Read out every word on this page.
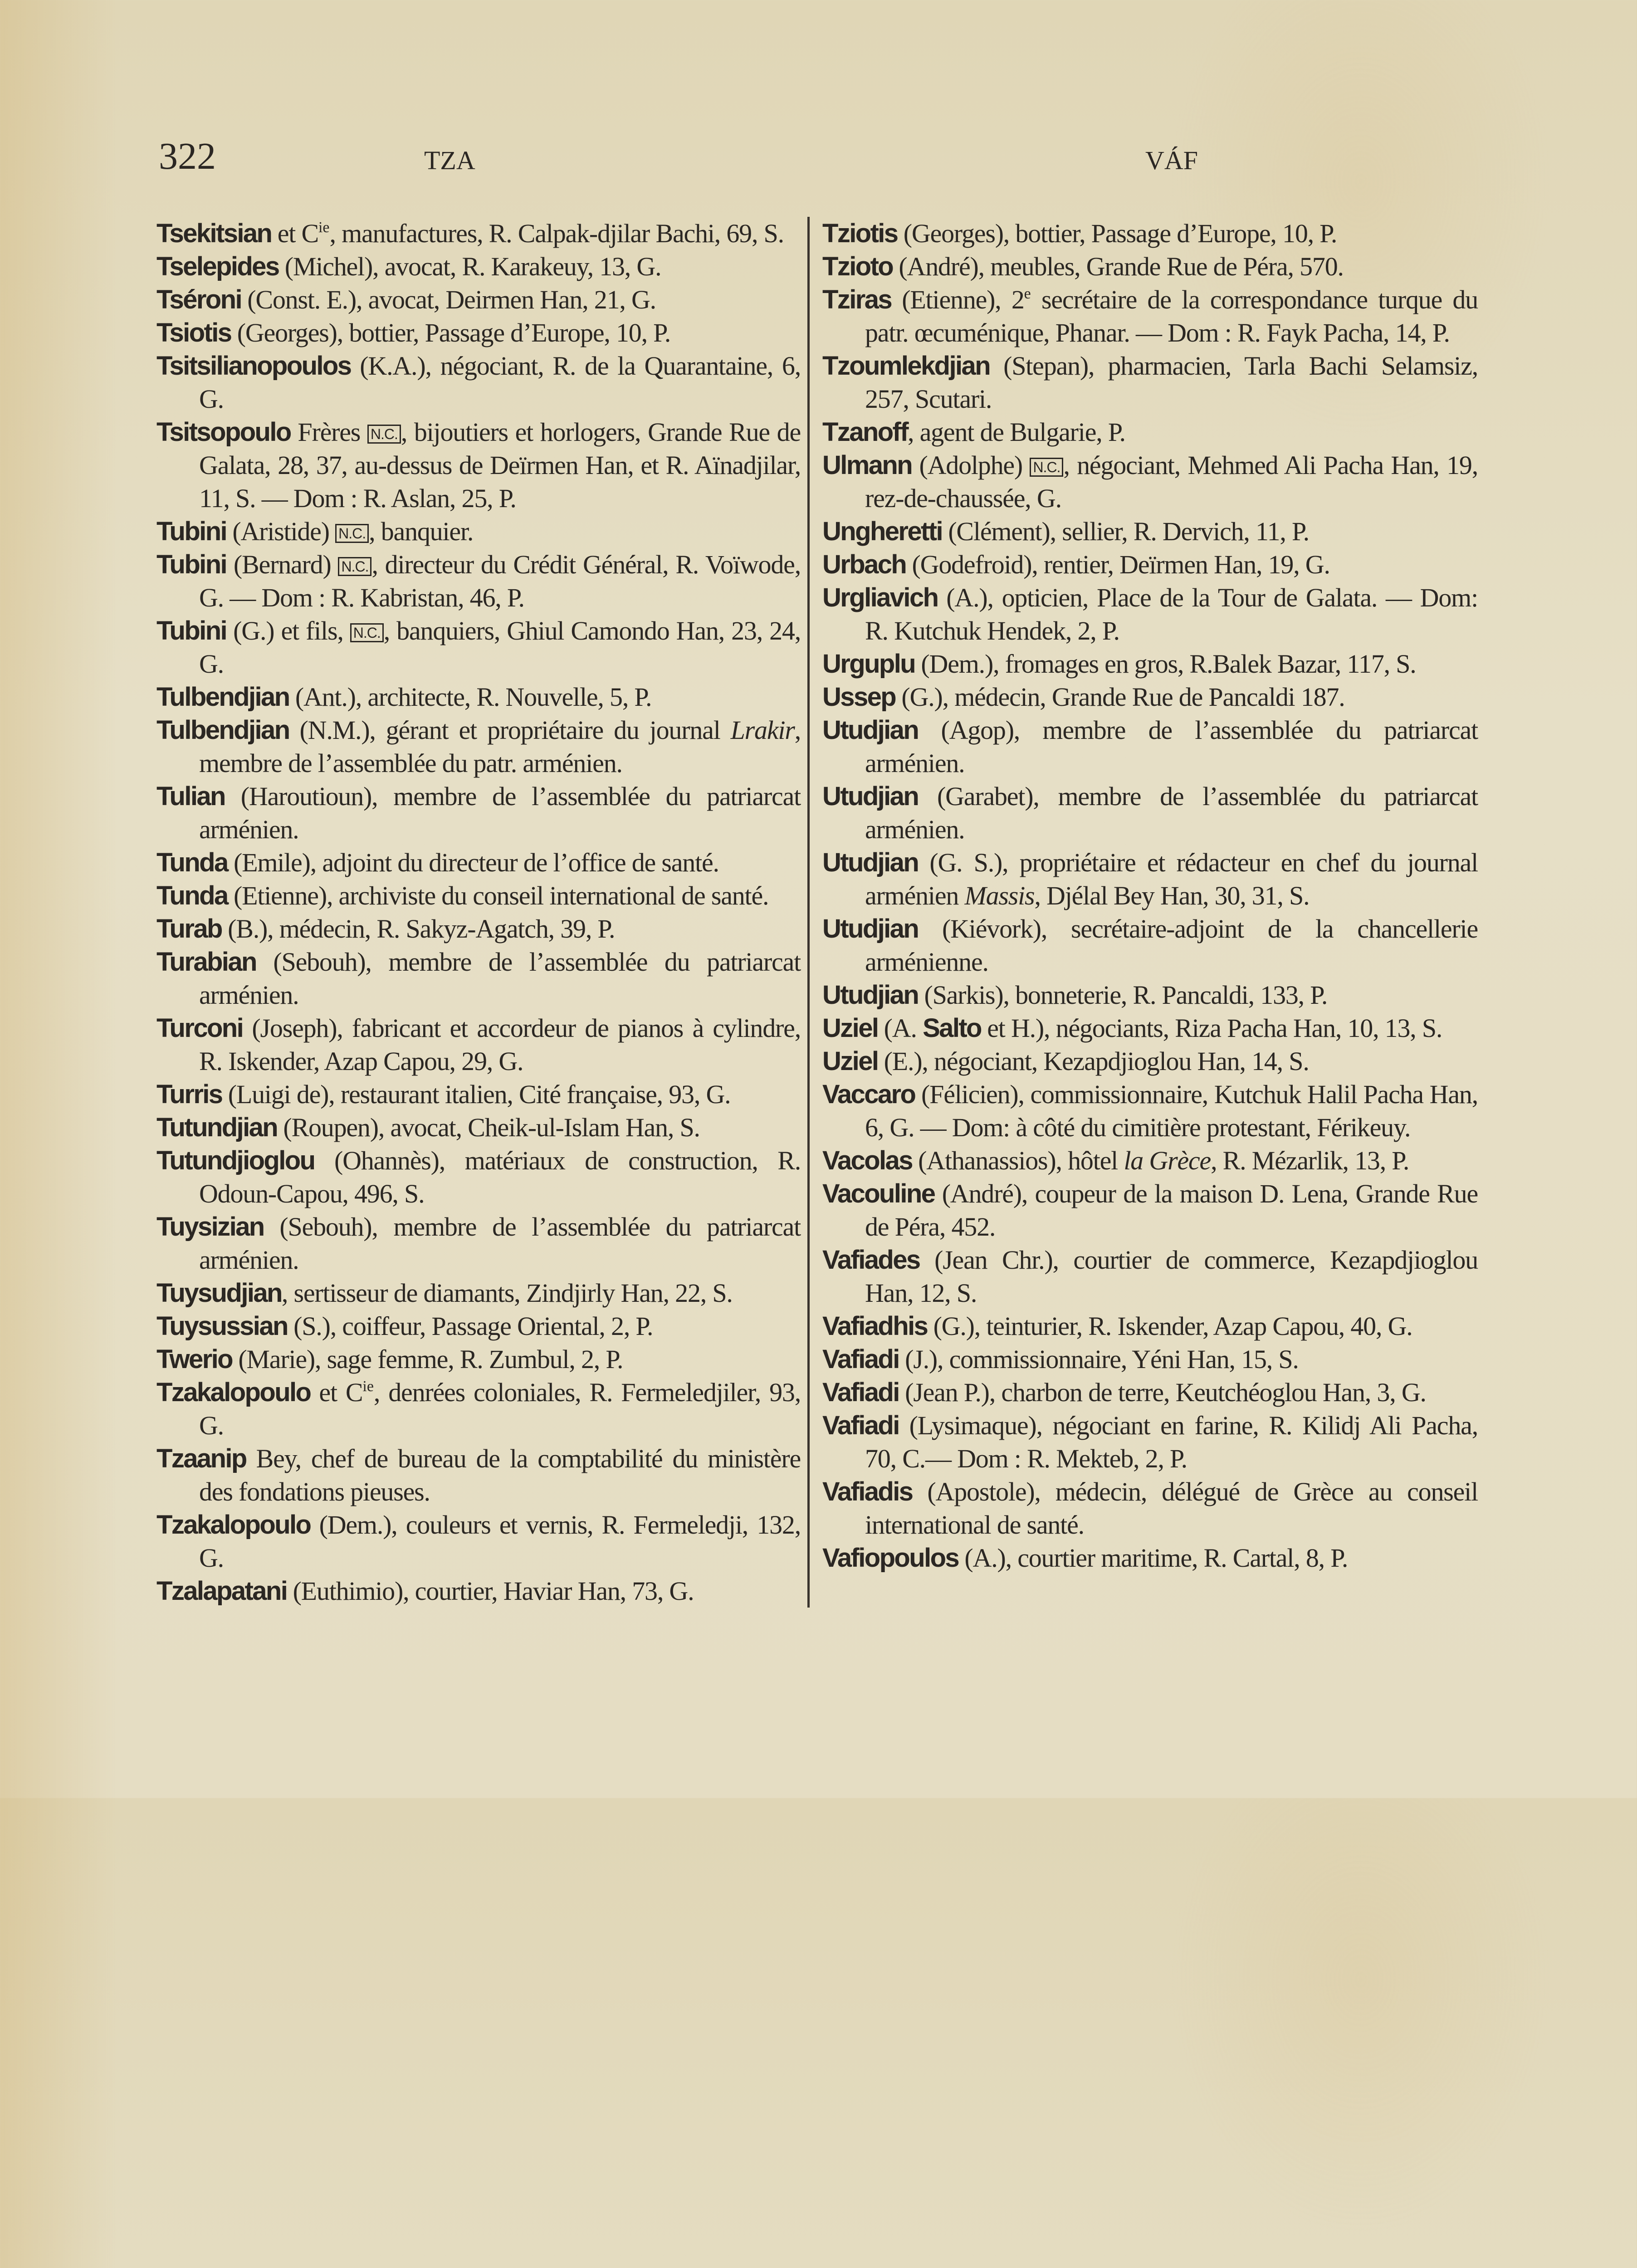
322	TZA	VÁF
Tsekitsian et $C^{ie}$, manufactures, R. Calpak-djilar Bachi, 69, S.
Tselepides (Michel), avocat, R. Karakeuy, 13, G.
Tséroni (Const. E.), avocat, Deirmen Han, 21, G.
Tsiotis (Georges), bottier, Passage d’Europe, 10, P.
Tsitsilianopoulos (K.A.), négociant, R. de la Quarantaine, 6, G.
Tsitsopoulo Frères N.C. , bijoutiers et horlogers, Grande Rue de Galata, 28, 37, au-dessus de Deïrmen Han, et R. Aïnadjilar, 11, S. — Dom : R. Aslan, 25, P.
Tubini (Aristide) N.C. , banquier.
Tubini (Bernard) N.C. , directeur du Crédit Général, R. Voïwode, G. — Dom : R. Kabristan, 46, P.
Tubini (G.) et fils, N.C. , banquiers, Ghiul Camondo Han, 23, 24, G.
Tulbendjian (Ant.), architecte, R. Nouvelle, 5, P.
Tulbendjian (N.M.), gérant et propriétaire du journal Lrakir, membre de l’assemblée du patr. arménien.
Tulian (Haroutioun), membre de l’assemblée du patriarcat arménien.
Tunda (Emile), adjoint du directeur de l’office de santé.
Tunda (Etienne), archiviste du conseil international de santé.
Turab (B.), médecin, R. Sakyz-Agatch, 39, P.
Turabian (Sebouh), membre de l’assemblée du patriarcat arménien.
Turconi (Joseph), fabricant et accordeur de pianos à cylindre, R. Iskender, Azap Capou, 29, G.
Turris (Luigi de), restaurant italien, Cité française, 93, G.
Tutundjian (Roupen), avocat, Cheik-ul-Islam Han, S.
Tutundjioglou (Ohannès), matériaux de construction, R. Odoun-Capou, 496, S.
Tuysizian (Sebouh), membre de l’assemblée du patriarcat arménien.
Tuysudjian, sertisseur de diamants, Zindjirly Han, 22, S.
Tuysussian (S.), coiffeur, Passage Oriental, 2, P.
Twerio (Marie), sage femme, R. Zumbul, 2, P.
Tzakalopoulo et $C^{ie}$, denrées coloniales, R. Fermeledjiler, 93, G.
Tzaanip Bey, chef de bureau de la comptabilité du ministère des fondations pieuses.
Tzakalopoulo (Dem.), couleurs et vernis, R. Fermeledji, 132, G.
Tzalapatani (Euthimio), courtier, Haviar Han, 73, G.
Tziotis (Georges), bottier, Passage d’Europe, 10, P.
Tzioto (André), meubles, Grande Rue de Péra, 570.
Tziras (Etienne), 2e secrétaire de la correspondance turque du patr. œcuménique, Phanar. — Dom : R. Fayk Pacha, 14, P.
Tzoumlekdjian (Stepan), pharmacien, Tarla Bachi Selamsiz, 257, Scutari.
Tzanoff, agent de Bulgarie, P.
Ulmann (Adolphe) N.C. , négociant, Mehmed Ali Pacha Han, 19, rez-de-chaussée, G.
Ungheretti (Clément), sellier, R. Dervich, 11, P.
Urbach (Godefroid), rentier, Deïrmen Han, 19, G.
Urgliavich (A.), opticien, Place de la Tour de Galata. — Dom: R. Kutchuk Hendek, 2, P.
Urguplu (Dem.), fromages en gros, R.Balek Bazar, 117, S.
Ussep (G.), médecin, Grande Rue de Pancaldi 187.
Utudjian (Agop), membre de l’assemblée du patriarcat arménien.
Utudjian (Garabet), membre de l’assemblée du patriarcat arménien.
Utudjian (G. S.), propriétaire et rédacteur en chef du journal arménien Massis, Djélal Bey Han, 30, 31, S.
Utudjian (Kiévork), secrétaire-adjoint de la chancellerie arménienne.
Utudjian (Sarkis), bonneterie, R. Pancaldi, 133, P.
Uziel (A. Salto et H.), négociants, Riza Pacha Han, 10, 13, S.
Uziel (E.), négociant, Kezapdjioglou Han, 14, S.
Vaccaro (Félicien), commissionnaire, Kutchuk Halil Pacha Han, 6, G. — Dom: à côté du cimitière protestant, Férikeuy.
Vacolas (Athanassios), hôtel la Grèce, R. Mézarlik, 13, P.
Vacouline (André), coupeur de la maison D. Lena, Grande Rue de Péra, 452.
Vafiades (Jean Chr.), courtier de commerce, Kezapdjioglou Han, 12, S.
Vafiadhis (G.), teinturier, R. Iskender, Azap Capou, 40, G.
Vafiadi (J.), commissionnaire, Yéni Han, 15, S.
Vafiadi (Jean P.), charbon de terre, Keutchéoglou Han, 3, G.
Vafiadi (Lysimaque), négociant en farine, R. Kilidj Ali Pacha, 70, C.— Dom : R. Mekteb, 2, P.
Vafiadis (Apostole), médecin, délégué de Grèce au conseil international de santé.
Vafiopoulos (A.), courtier maritime, R. Cartal, 8, P.
